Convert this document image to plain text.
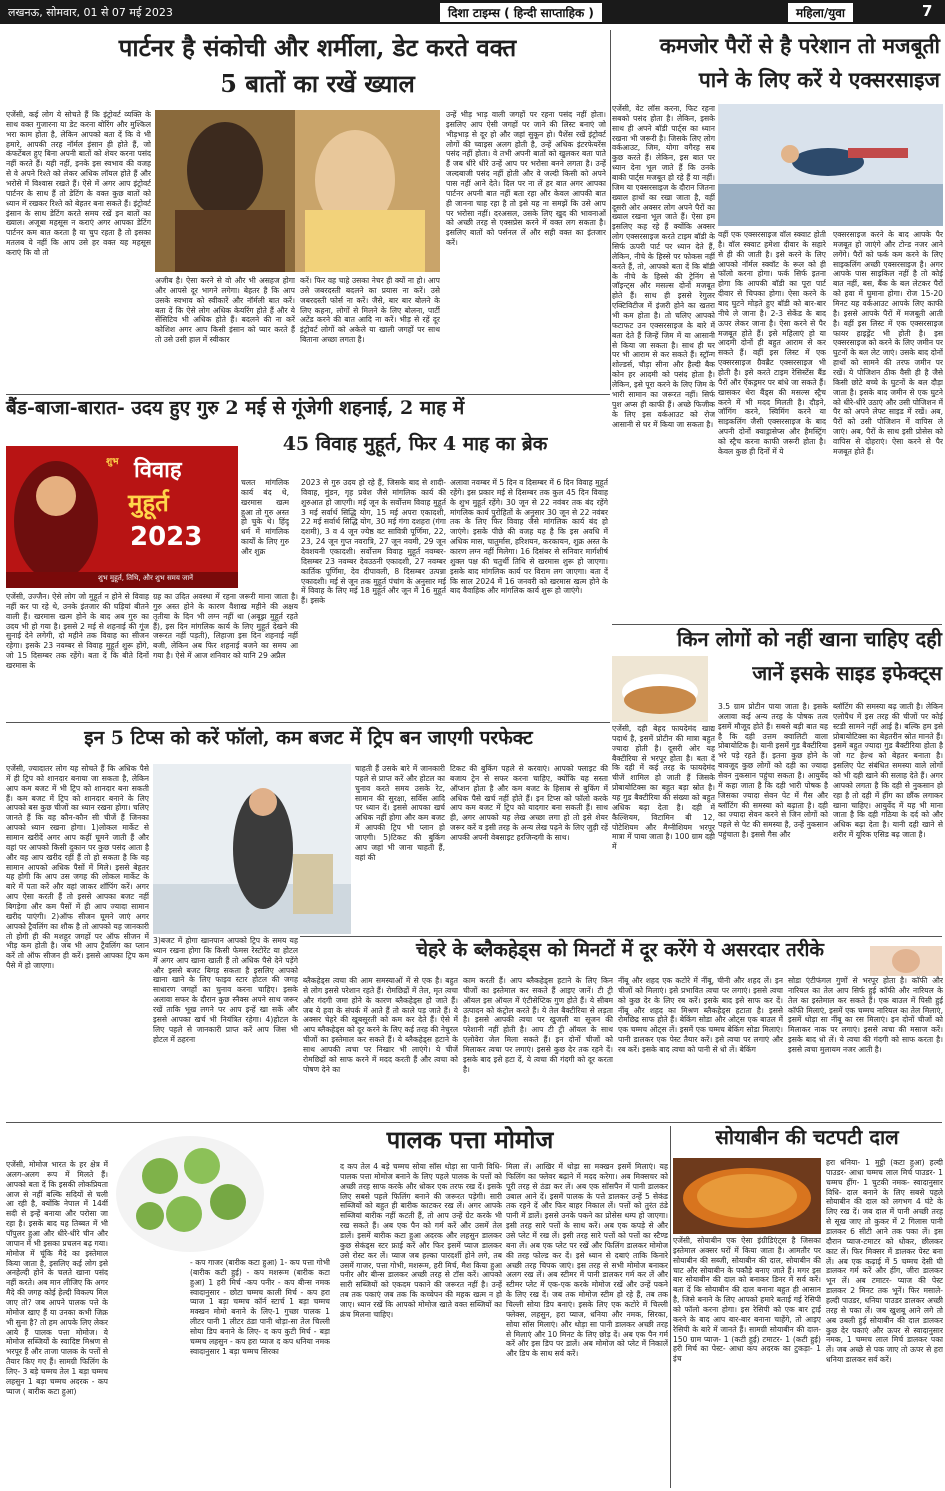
लखनऊ, सोमवार, 01 से 07 मई 2023	दिशा टाइम्स ( हिन्दी साप्ताहिक )	महिला/युवा	7
पार्टनर है संकोची और शर्मीला, डेट करते वक्त
5 बातों का रखें ख्याल
एजेंसी, कई लोग ये सोचते हैं कि इंट्रोवर्ट व्यक्ति के साथ वक्त गुजारना या डेट करना बोरिंग और मुश्किल भरा काम होता है, लेकिन आपको बता दें कि वे भी हमारे, आपकी तरह नॉर्मल इंसान ही होते हैं, जो कंफर्टेबल हुए बिना अपनी बातों को शेयर करना पसंद नहीं करते हैं। यही नहीं, इनके इस स्वभाव की वजह से वे अपने रिश्ते को लेकर अधिक लॉयल होते हैं और भरोसे में विश्वास रखते हैं। ऐसे में अगर आप इंट्रोवर्ट पार्टनर के साथ हैं तो डेटिंग के वक्त कुछ बातों को ध्यान में रखकर रिश्ते को बेहतर बना सकते हैं। इंट्रोवर्ट इंसान के साथ डेटिंग करते समय रखें इन बातों का ख्याल। अजूबा महसूस न कराएं अगर आपका डेटिंग पार्टनर कम बात करता है या चुप रहता है तो इसका मतलब ये नहीं कि आप उसे हर वक्त यह महसूस कराएं कि वो तो
अजीब है। ऐसा करने से वो और भी असहज होगा और आपसे दूर भागने लगेगा। बेहतर है कि आप उसके स्वभाव को स्वीकारें और नॉर्मली बात करें। बता दें कि ऐसे लोग अधिक केयरिंग होते हैं और ये सेंसिटिव भी अधिक होते हैं। बदलने की ना करें कोशिश अगर आप किसी इंसान को प्यार करते हैं तो उसे उसी हाल में स्वीकार
करें। फिर वह चाहे उसका नेचर ही क्यों ना हो। आप उसे जबरदस्ती बदलने का प्रयास ना करें। उसे जबरदस्ती फोर्स ना करें। जैसे, बार बार बोलने के लिए कहना, लोगों से मिलने के लिए बोलना, पार्टी अटेंड करने की बात आदि ना करें। भीड़ से रहें दूर इंट्रोवर्ट लोगों को अकेले या खाली जगहों पर साथ बिताना अच्छा लगता है।
उन्हें भीड़ भाड़ वाली जगहों पर रहना पसंद नहीं होता। इसलिए आप ऐसी जगहों पर जाने की लिस्ट बनाएं जो भीड़भाड़ से दूर हो और जहां सुकून हो। पैशेंस रखें इंट्रोवर्ट लोगों की च्वाइस अलग होती है, उन्हें अधिक इंटरफेयरेंस पसंद नहीं होता। वे तभी अपनी बातों को खुलकर बता पाते हैं जब धीरे धीरे उन्हें आप पर भरोसा बनने लगता है। उन्हें जल्दबाजी पसंद नहीं होती और वे जल्दी किसी को अपने पास नहीं आने देते। दिल पर ना लें हर बात अगर आपका पार्टनर अपनी बात नहीं बता रहा और केवल आपकी बात ही जानना चाह रहा है तो इसे यह ना समझें कि उसे आप पर भरोसा नहीं। दरअसल, उसके लिए खुद की भावनाओं को अच्छी तरह से एक्सप्रेस करने में वक्त लग सकता है। इसलिए बातों को पर्सनल लें और सही वक्त का इंतजार करें।
कमजोर पैरों से है परेशान तो मजबूती
पाने के लिए करें ये एक्सरसाइज
एजेंसी, वेट लॉस करना, फिट रहना सबको पसंद होता है। लेकिन, इसके साथ ही अपने बॉडी पार्ट्स का ध्यान रखना भी जरूरी है। जिसके लिए लोग वर्कआउट, जिम, योगा वगैरह सब कुछ करते हैं। लेकिन, इस बात पर ध्यान देना भूल जाते हैं कि उनके बाकी पार्ट्स मजबूत हो रहे हैं या नहीं। जिम या एक्सरसाइज के दौरान जितना ख्याल हाथों का रखा जाता है, वहीं दूसरी ओर अक्सर लोग अपने पैरों का ख्याल रखना भूल जाते हैं। ऐसा हम इसलिए कह रहे हैं क्योंकि अक्सर लोग एक्सरसाइज करते टाइम बॉडी के सिर्फ ऊपरी पार्ट पर ध्यान देते हैं, लेकिन, नीचे के हिस्से पर फोकस नहीं करते हैं, तो, आपको बता दें कि बॉडी के नीचे के हिस्से की ट्रेनिंग से जॉइन्ट्स और मसल्स दोनों मजबूत होते हैं। साथ ही इससे रेगुलर एक्टिविटीज में इंजरी होने का खतरा भी कम होता है। तो चलिए आपको फटाफट उन एक्सरसाइज के बारे में बता देते हैं जिन्हें जिम में या आसानी से किया जा सकता है। साथ ही घर पर भी आराम से कर सकते हैं। स्ट्रॉन्ग शोल्डर्स, चौड़ा सीना और हैल्दी बैक कोन हर आदमी को पसंद होता है। लेकिन, इसे पूरा करने के लिए जिम के भारी सामान का जरूरत नहीं। सिर्फ पुश अप्स ही काफी हैं। अच्छे फिजीक के लिए इस वर्कआउट को रोज आसानी से घर में किया जा सकता है।
वहीं एक एक्सरसाइज वॉल स्क्वाट होती है। वॉल स्क्वाट हमेशा दीवार के सहारे से ही की जाती है। इसे करने के लिए आपको नॉर्मल स्क्वॉट के रूल को ही फॉलो करना होगा। फर्क सिर्फ इतना होगा कि आपकी बॉडी का पूरा पार्ट दीवार से चिपका होगा। ऐसा करने के बाद घुटने मोड़ते हुए बॉडी को बार-बार नीचे ले जाना है। 2-3 सेकेंड के बाद ऊपर लेकर जाना है। ऐसा करने से पैर मजबूत होते हैं। इसे महिलाएं हो या आदमी दोनों ही बहुत आराम से कर सकते हैं। वहीं इस लिस्ट में एक एक्सरसाइज ग्रैवब्रैट एक्सरसाइज भी होती है। इसे करते टाइम रेसिस्टेंस बैंड पैरों और ऐंकड्रमर पर बांधे जा सकते हैं। खासकर थेरा बैंड्स की मसल्स स्ट्रैच करने में भी मदद मिलती है। दौड़ने, जॉगिंग करने, स्विमिंग करने या साइकलिंग जैसी एक्सरसाइज के बाद अपनी दोनों क्वाड्रासेप्स और हैमस्ट्रिंग को स्ट्रैच करना काफी जरूरी होता है। केवल कुछ ही दिनों में ये
एक्सरसाइज करने के बाद आपके पैर मजबूत हो जाएंगे और टोन्ड नजर आने लगेंगे। पैरों को फर्क कम करने के लिए साइकलिंग अच्छी एक्सरसाइज है। अगर आपके पास साइकिल नहीं है तो कोई बात नहीं, बस, बैंक के बल लेटकर पैरों को हवा में घुमाना होगा। रोज 15-20 मिनट यह वर्कआउट आपके लिए काफी है। इससे आपके पैरों में मजबूती आती है। वहीं इस लिस्ट में एक एक्सरसाइज फायर हाइड्रेंट भी होती है। इस एक्सरसाइज को करने के लिए जमीन पर घुटनों के बल लेट जाएं। उसके बाद दोनों हाथों को सामने की तरफ जमीन पर रखें। ये पोजिशन ठीक वैसी ही है जैसे किसी छोटे बच्चे के घुटनों के बल दौड़ा जाता है। इसके बाद जमीन से एक घुटने को धीरे-धीरे उठाएं और उसी पोजिशन में पैर को अपने लेफ्ट साइड में रखें। अब, पैरों को उसी पोजिशन में वापिस ले जाएं। अब, पैरों के साथ इसी प्रोसेस को वापिस से दोहराएं। ऐसा करने से पैर मजबूत होते हैं।
बैंड-बाजा-बारात- उदय हुए गुरु 2 मई से गूंजेगी शहनाई, 2 माह में
45 विवाह मुहूर्त, फिर 4 माह का ब्रेक
शुभ विवाह
मुहूर्त
2023
शुभ मुहूर्त, तिथि, और शुभ समय जानें
चलत मांगलिक कार्य बंद थे, खरमास खत्म हुआ तो गुरु अस्त हो चुके थे। हिंदू धर्म में मांगलिक कार्यों के लिए गुरु और शुक्र
एजेंसी, उज्जैन। ऐसे लोग जो मुहूर्त न होने से विवाह नहीं कर पा रहे थे, उनके इंतजार की घड़ियां बीतने वाली हैं। खरमास खत्म होने के बाद अब गुरु का उदय भी हो गया है। इससे 2 मई से शहनाई की गूंज सुनाई देने लगेगी, दो महीने तक विवाह का सीजन रहेगा। इसके 23 नवम्बर से विवाह मुहूर्त शुरू होंगे, जो 15 दिसम्बर तक रहेंगे। बता दें कि बीते दिनों खरमास के
ग्रह का उदित अवस्था में रहना जरूरी माना जाता है। गुरु अस्त होने के कारण वैशाख महीने की अक्षय तृतीया के दिन भी लग्न नहीं था (अबूझ मुहूर्त रहते हैं), इस दिन मांगलिक कार्य के लिए मुहूर्त देखने की जरूरत नहीं पड़ती), लिहाजा इस दिन शहनाई नहीं बजी, लेकिन अब फिर शहनाई बजने का समय आ गया है। ऐसे में आज शनिवार को यानि 29 अप्रैल
2023 से गुरु उदय हो रहे हैं, जिसके बाद से शादी-विवाह, मुंडन, गृह प्रवेश जैसे मांगलिक कार्य की शुरुआत हो जाएगी। मई जून के सर्वोत्तम विवाह मुहूर्त 3 मई सर्वार्थ सिद्धि योग, 15 मई अपरा एकादशी, 22 मई सर्वार्थ सिद्धि योग, 30 मई गंगा दशहरा (गंगा दशमी), 3 व 4 जून ज्येष्ठ वट सावित्री पूर्णिमा, 22, 23, 24 जून गुप्त नवरात्रि, 27 जून नवमी, 29 जून देवशयनी एकादशी। सर्वोत्तम विवाह मुहूर्त नवम्बर-दिसम्बर 23 नवम्बर देवउठनी एकादशी, 27 नवम्बर कार्तिक पूर्णिमा, देव दीपावली, 8 दिसम्बर उत्पन्ना एकादशी। मई से जून तक मुहूर्त पंचांग के अनुसार मई में विवाह के लिए मई 18 मुहूर्त और जून में 16 मुहूर्त हैं। इसके
अलावा नवम्बर में 5 दिन व दिसम्बर में 6 दिन विवाह मुहूर्त रहेंगे। इस प्रकार मई से दिसम्बर तक कुल 45 दिन विवाह के शुभ मुहूर्त रहेंगे। 30 जून से 22 नवंबर तक बंद रहेंगे मांगलिक कार्य पुरोहितों के अनुसार 30 जून से 22 नवंबर तक के लिए फिर विवाह जैसे मांगलिक कार्य बंद हो जाएंगे। इसके पीछे की वजह यह है कि इस अवधि में अधिक मास, चातुर्मास, हरिशयन, करकायन, शुक्र अस्त के कारण लग्न नहीं मिलेगा। 16 दिसंबर से सनिवार मार्गशीर्ष शुक्ल पक्ष की चतुर्थी तिथि से खरमास शुरू हो जाएगा। इसके बाद मांगलिक कार्य पर विराम लग जाएगा। बता दें कि साल 2024 में 16 जनवरी को खरमास खत्म होने के बाद वैवाहिक और मांगलिक कार्य शुरू हो जाएंगे।
किन लोगों को नहीं खाना चाहिए दही
जानें इसके साइड इफेक्ट्स
एजेंसी, दही बेहद फायदेमंद खाद्य पदार्थ है, इसमें प्रोटीन की मात्रा बहुत ज्यादा होती है। दूसरी ओर यह बैक्टीरिया से भरपूर होता है। बता दें कि दही में कई तरह के फायदेमंद चीजें शामिल हो जाती हैं जिसके प्रोबायोटिक्स का बहुत बड़ा स्रोत है। यह गुड बैक्टीरिया की संख्या को बहुत अधिक बढ़ा देता है। दही में कैल्शियम, विटामिन बी 12, पोटेशियम और मैग्नीशियम भरपूर मात्रा में पाया जाता है। 100 ग्राम दही में
3.5 ग्राम प्रोटीन पाया जाता है। इसके अलावा कई अन्य तरह के पोषक तत्व इसमें मौजूद होते हैं। सबसे बड़ी बात यह है कि दही उत्तम क्वालिटी वाला प्रोबायोटिक है। यानी इसमें गुड बैक्टीरिया भरे पड़े रहते हैं। इतना कुछ होने के बावजूद कुछ लोगों को दही का ज्यादा सेवन नुकसान पहुंचा सकता है। आयुर्वेद में कहा जाता है कि दही भारी पोषक है जिसका ज्यादा सेवन पेट में गैस और ब्लॉटिंग की समस्या को बढ़ाता है। दही का ज्यादा सेवन करने से जिन लोगों को पहले से पेट की समस्या है, उन्हें नुकसान पहुंचाता है। इससे गैस और
ब्लॉटिंग की समस्या बढ़ जाती है। लेकिन एलोपैथ में इस तरह की चीजों पर कोई स्टडी सामने नहीं आई है। बल्कि हम इसे प्रोबायोटिक्स का बेहतरीन स्रोत मानते हैं। इसमें बहुत ज्यादा गुड बैक्टीरिया होता है जो गट हेल्थ को बेहतर बनाता है। इसलिए पेट संबंधित समस्या वाले लोगों को भी दही खाने की सलाह देते हैं। अगर आपको लगता है कि दही से नुकसान हो रहा है तो दही में हींग का छौंक लगाकर खाना चाहिए। आयुर्वेद में यह भी माना जाता है कि दही गठिया के दर्द को और अधिक बढ़ा देता है। यानी दही खाने से शरीर में यूरिक एसिड बढ़ जाता है।
इन 5 टिप्स को करें फॉलो, कम बजट में ट्रिप बन जाएगी परफेक्ट
एजेंसी, ज्यादातर लोग यह सोचते हैं कि अधिक पैसे में ही ट्रिप को शानदार बनाया जा सकता है, लेकिन आप कम बजट में भी ट्रिप को शानदार बना सकती हैं। कम बजट में ट्रिप को शानदार बनाने के लिए आपको बस कुछ चीजों का ध्यान रखना होगा। चलिए जानते हैं कि वह कौन-कौन सी चीजें हैं जिनका आपको ध्यान रखना होगा। 1)लोकल मार्केट से सामान खरीदें अगर आप कहीं घूमने जाती हैं और वहां पर आपको किसी दुकान पर कुछ पसंद आता है और वह आप खरीद रहीं हैं तो हो सकता है कि वह सामान आपको अधिक पैसों में मिले। इससे बेहतर यह होगी कि आप उस जगह की लोकल मार्केट के बारे में पता करें और वहां जाकर शॉपिंग करें। अगर आप ऐसा करती हैं तो इससे आपका बजट नहीं बिगड़ेगा और कम पैसों में ही आप ज्यादा सामान खरीद पाएंगी। 2)ऑफ सीजन घूमने जाएं अगर आपको ट्रैवलिंग का शौक है तो आपको यह जानकारी तो होगी ही की मशहूर जगहों पर ऑफ सीजन में भीड़ कम होती है। जब भी आप ट्रैवलिंग का प्लान करें तो ऑफ सीजन ही करें। इससे आपका ट्रिप कम पैसे में हो जाएगा।
3)बजट में होगा खानपान आपको ट्रिप के समय यह ध्यान रखना होगा कि किसी फेमस रेस्टोरेंट या होटल में अगर आप खाना खाती हैं तो अधिक पैसे देने पड़ेंगे और इससे बजट बिगड़ सकता है इसलिए आपको खाना खाने के लिए फाइव स्टार होटल की जगह साधारण जगहों का चुनाव करना चाहिए। इसके अलावा सफर के दौरान कुछ स्नैक्स अपने साथ जरूर रखें ताकि भूख लगने पर आप इन्हें खा सकें और इससे आपका खर्च भी नियंत्रित रहेगा। 4)होटल के लिए पहले से जानकारी प्राप्त करें आप जिस भी होटल में ठहरना
चाहती हैं उसके बारे में जानकारी पहले से प्राप्त करें और होटल का चुनाव करते समय उसके रेट, सामान की सुरक्षा, सर्विस आदि पर ध्यान दें। इससे आपका खर्च अधिक नहीं होगा और कम बजट में आपकी ट्रिप भी प्लान हो जाएगी। 5)टिकट की बुकिंग आप जहां भी जाना चाहती हैं, वहां की
टिकट की बुकिंग पहले से करवाएं। आपको फ्लाइट की बजाय ट्रेन से सफर करना चाहिए, क्योंकि यह सस्ता ऑप्शन होता है और कम बजट के हिसाब से बुकिंग में अधिक पैसे खर्च नहीं होते हैं। इन टिप्स को फॉलो करके आप कम बजट में ट्रिप को यादगार बना सकती हैं। साथ ही, अगर आपको यह लेख अच्छा लगा हो तो इसे शेयर जरूर करें व इसी तरह के अन्य लेख पढ़ने के लिए जुड़ी रहें आपकी अपनी वेबसाइट हरजिन्दगी के साथ।
चेहरे के ब्लैकहेड्स को मिनटों में दूर करेंगे ये असरदार तरीके
ब्लैकहेड्स त्वचा की आम समस्याओं में से एक है। बहुत से लोग इससे परेशान रहते हैं। रोमछिद्रों में तेल, मृत त्वचा और गंदगी जमा होने के कारण ब्लैकहेड्स हो जाते हैं। जब ये हवा के संपर्क में आते हैं तो काले पड़ जाते हैं। ये अक्सर चेहरे की खूबसूरती को कम कर देते हैं। ऐसे में आप ब्लैकहेड्स को दूर करने के लिए कई तरह की नेचुरल चीजों का इस्तेमाल कर सकते हैं। ये ब्लैकहेड्स हटाने के साथ आपकी त्वचा पर निखार भी लाएंगे। ये चीजें रोमछिद्रों को साफ करने में मदद करती हैं और त्वचा को पोषण देने का
काम करती हैं। आप ब्लैकहेड्स हटाने के लिए किन चीजों का इस्तेमाल कर सकते हैं आइए जानें। टी ट्री ऑयल इस ऑयल में एंटीसेप्टिक गुण होते हैं। ये सीबम उत्पादन को कंट्रोल करते हैं। ये तेल बैक्टीरिया से लड़ता है। इससे आपकी त्वचा पर खुजली या सूजन की परेशानी नहीं होती है। आप टी ट्री ऑयल के साथ एलोवेरा जेल मिला सकते हैं। इन दोनों चीजों को मिलाकर त्वचा पर लगाएं। इससे कुछ देर तक रहने दें। इसके बाद इसे हटा दें, ये त्वचा की गंदगी को दूर करता है।
नींबू और शहद एक कटोरे में नींबू, चीनी और शहद लें। इन चीजों को मिलाएं। इसे प्रभावित त्वचा पर लगाएं। इससे त्वचा को कुछ देर के लिए रब करें। इसके बाद इसे साफ कर दें। नींबू और शहद का मिश्रण ब्लैकहेड्स हटाता है। इससे रोमछिद्र साफ होते हैं। बेकिंग सोडा और ओट्स एक बाउल में एक चम्मच ओट्स लें। इसमें एक चम्मच बेकिंग सोडा मिलाएं। पानी डालकर एक पेस्ट तैयार करें। इसे त्वचा पर लगाएं और रब करें। इसके बाद त्वचा को पानी से धो लें। बेकिंग
सोडा एंटीफंगल गुणों से भरपूर होता है। कॉफी और नारियल का तेल आप सिर्फ हुई कॉफी और नारियल के तेल का इस्तेमाल कर सकते हैं। एक बाउल में पिसी हुई कॉफी मिलाएं, इसमें एक चम्मच नारियल का तेल मिलाएं, इसमें थोड़ा सा नींबू का रस मिलाएं। इन दोनों चीजों को मिलाकर नाक पर लगाएं। इससे त्वचा की मसाज करें। इसके बाद धो लें। ये त्वचा की गंदगी को साफ करता है। इससे त्वचा मुलायम नजर आती है।
पालक पत्ता मोमोज
एजेंसी, मोमोज भारत के हर क्षेत्र में अलग-अलग रूप में मिलते हैं। आपको बता दें कि इसकी लोकप्रियता आज से नहीं बल्कि सदियों से चली आ रही है, क्योंकि नेपाल में 14वीं सदी से इन्हें बनाया और परोसा जा रहा है। इसके बाद यह तिब्बत में भी पॉपुलर हुआ और धीरे-धीरे चीन और जापान में भी इसका प्रचलन बढ़ गया। मोमोज में चूंकि मैदे का इस्तेमाल किया जाता है, इसलिए कई लोग इसे अनहेल्दी होने के चलते खाना पसंद नहीं करते। अब मान लीजिए कि अगर मैदे की जगह कोई हेल्दी विकल्प मिल जाए तो? जब आपने पालक पत्ते के मोमोज खाए हैं या उनका कभी जिक्र भी सुना है? तो हम आपके लिए लेकर आये हैं पालक पत्ता मोमोज। ये मोमोज सब्जियों के स्वादिष्ट मिश्रण से भरपूर हैं और ताजा पालक के पत्तों से तैयार किए गए हैं। सामग्री फिलिंग के लिए- 3 बड़े चम्मच तेल 1 बड़ा चम्मच लहसुन 1 बड़ा चम्मच अदरक - कप प्याज ( बारीक कटा हुआ)
- कप गाजर (बारीक कटा हुआ) 1- कप पत्ता गोभी (बारीक कटी हुई) - कप मशरूम (बारीक कटा हुआ) 1 हरी मिर्च -कप पनीर - कप बीन्स नमक स्वादानुसार - छोटा चम्मच काली मिर्च - कप हरा प्याज 1 बड़ा चम्मच कॉर्न स्टार्च 1 बड़ा चम्मच मक्खन मोमो बनाने के लिए-1 गुच्छा पालक 1 लीटर पानी 1 लीटर ठंडा पानी थोड़ा-सा तेल चिल्ली सोया डिप बनाने के लिए- द कप कुटी मिर्च - बड़ा चम्मच लहसुन - कप हरा प्याज द कप धनिया नमक स्वादानुसार 1 बड़ा चम्मच सिरका
द कप तेल 4 बड़े चम्मच सोया सॉस थोड़ा सा पानी विधि- पालक पत्ता मोमोज बनाने के लिए पहले पालक के पत्तों को अच्छी तरह साफ करके और धोकर एक तरफ रख दें। इसके लिए सबसे पहले फिलिंग बनाने की जरूरत पड़ेगी। सारी सब्जियों को बहुत ही बारीक काटकर रख लें। अगर आपके सब्जियां बारीक नहीं कटती हैं, तो आप उन्हें ग्रेट करके भी रख सकते हैं। अब एक पैन को गर्म करें और उसमें तेल डालें। इसमें बारीक कटा हुआ अदरक और लहसुन डालकर कुछ सेकंड्स स्टर फ्राई करें और फिर इसमें प्याज डालकर उसे रोस्ट कर लें। प्याज जब हल्का पारदर्शी होने लगे, तब उसमें गाजर, पत्ता गोभी, मशरूम, हरी मिर्च, मैश किया हुआ पनीर और बीन्स डालकर अच्छी तरह से टॉस करें। आपको सारी सब्जियों को एकदम पकाने की जरूरत नहीं है। उन्हें तब तक पकाएं जब तक कि कच्चेपन की महक खत्म न हो जाए। ध्यान रखें कि आपको मोमोज खाते वक्त सब्जियों का क्रंच मिलना चाहिए।
मिला लें। आखिर में थोड़ा सा मक्खन इसमें मिलाएं। यह फिलिंग का फ्लेवर बढ़ाने में मदद करेगा। अब मिक्सचर को पूरी तरह से ठंडा कर लें। अब एक सॉसपैन में पानी डालकर उबाल आने दें। इसमें पालक के पत्ते डालकर उन्हें 5 सेकंड तक रहने दें और फिर बाहर निकाल लें। पत्तों को तुरंत ठंडे पानी में डालें। इससे उनके पकने का प्रोसेस थम्प हो जाएगा। इसी तरह सारे पत्तों के साथ करें। अब एक कपड़े से और उसे प्लेट में रख लें। इसी तरह सारे पत्तों को पत्तों का स्टैण्ड बना लें। अब एक प्लेट पर रखें और फिलिंग डालकर मोमोज की तरह फोल्ड कर दें। इसे ध्यान से दबाएं ताकि किनारे अच्छी तरह चिपक जाएं। इस तरह से सभी मोमोज बनाकर अलग रख लें। अब स्टीमर में पानी डालकर गर्म कर लें और स्टीमर प्लेट में एक-एक करके मोमोज रखें और उन्हें पकने के लिए रख दें। जब तक मोमोज स्टीम हो रहे हैं, तब तक चिल्ली सोया डिप बनाएं। इसके लिए एक कटोरे में चिल्ली फ्लेक्स, लहसुन, हरा प्याज, धनिया और नमक, सिरका, सोया सॉस मिलाएं। और थोड़ा सा पानी डालकर अच्छी तरह से मिलाएं और 10 मिनट के लिए छोड़ दें। अब एक पैन गर्म करें और इस डिप पर डालें। अब मोमोज को प्लेट में निकालें और डिप के साथ सर्व करें।
सोयाबीन की चटपटी दाल
एजेंसी, सोयाबीन एक ऐसा इंग्रीडिएंट्स है जिसका इस्तेमाल अक्सर घरों में किया जाता है। आमतौर पर सोयाबीन की सब्जी, सोयाबीन की दाल, सोयाबीन की चाट और सोयाबीन के पकौड़े बनाए जाते हैं। मगर इस बार सोयाबीन की दाल को बनाकर डिनर में सर्व करें। बता दें कि सोयाबीन की दाल बनाना बहुत ही आसान है, जिसे बनाने के लिए आपको हमारे बताई गई रेसिपी को फॉलो करना होगा। इस रेसिपी को एक बार ट्राई करने के बाद आप बार-बार बनाना चाहेंगे, तो आइए रेसिपी के बारे में जानते हैं। सामग्री सोयाबीन की दाल- 150 ग्राम प्याज- 1 (कटी हुई) टमाटर- 1 (कटी हुई) हरी मिर्च का पेस्ट- आधा कप अदरक का टुकड़ा- 1 इंच
हरा धनिया- 1 मुट्ठी (कटा हुआ) हल्दी पाउडर- आधा चम्मच लाल मिर्च पाउडर- 1 चम्मच हींग- 1 चुटकी नमक- स्वादानुसार विधि- दाल बनाने के लिए सबसे पहले सोयाबीन की दाल को लगभग 4 घंटे के लिए रख दें। जब दाल में पानी अच्छी तरह से सूख जाए तो कुकर में 2 गिलास पानी डालकर 6 सीटी आने तक पका लें। इस दौरान प्याज-टमाटर को धोकर, छीलकर काट लें। फिर मिक्सर में डालकर पेस्ट बना लें। अब एक कढ़ाई में 5 चम्मच देसी घी डालकर गर्म करें और हींग, जीरा डालकर भून लें। अब टमाटर- प्याज की पेस्ट डालकर 2 मिनट तक भूनें। फिर मसाले- हल्दी पाउडर, धनिया पाउडर डालकर अच्छी तरह से पका लें। जब खुशबू आने लगे तो अब उबली हुई सोयाबीन की दाल डालकर कुछ देर पकाएं और ऊपर से स्वादानुसार नमक, 1 चम्मच लाल मिर्च डालकर पका लें। जब अच्छे से पक जाए तो ऊपर से हरा धनिया डालकर सर्व करें।
